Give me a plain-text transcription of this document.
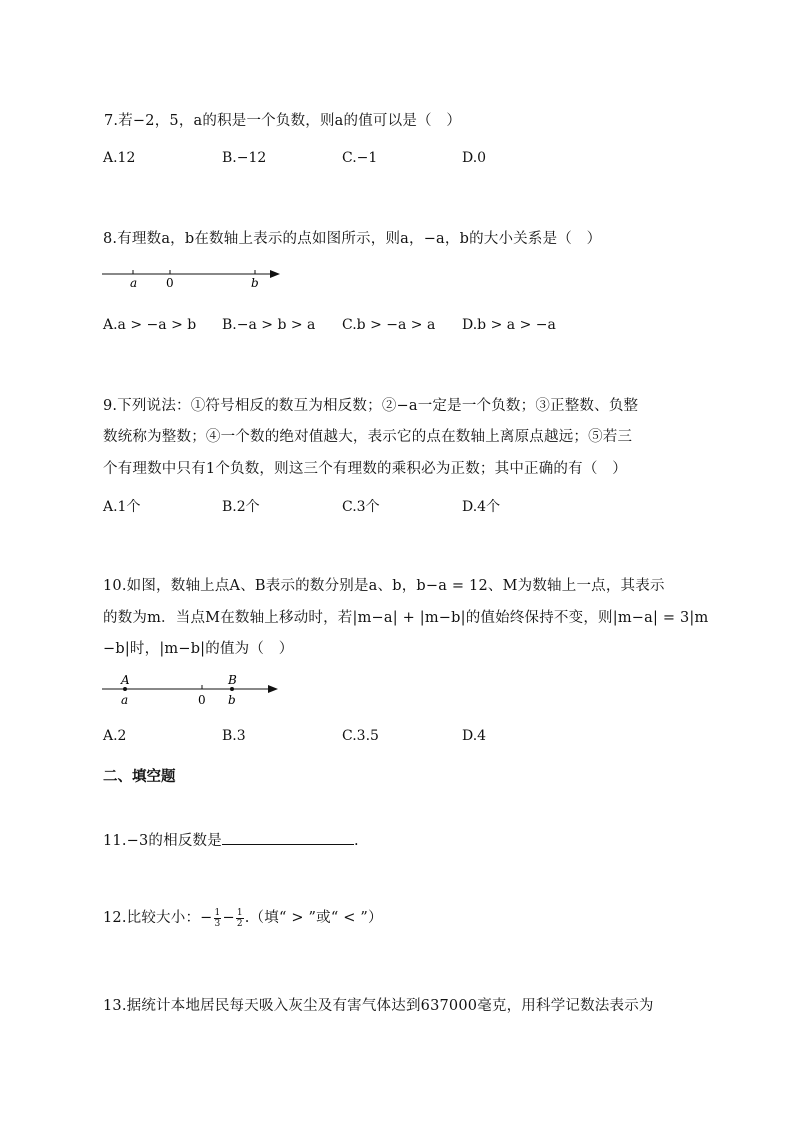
7.若−2，5，a的积是一个负数，则a的值可以是（　）
A.12	B.−12	C.−1	D.0
8.有理数a，b在数轴上表示的点如图所示，则a，−a，b的大小关系是（　）
a 0	b
A.a > −a > b B.−a > b > a C.b > −a > a D.b > a > −a
9.下列说法：①符号相反的数互为相反数；②−a一定是一个负数；③正整数、负整
数统称为整数；④一个数的绝对值越大，表示它的点在数轴上离原点越远；⑤若三
个有理数中只有1个负数，则这三个有理数的乘积必为正数；其中正确的有（　）
A.1个	B.2个	C.3个	D.4个
10.如图，数轴上点A、B表示的数分别是a、b，b−a = 12、M为数轴上一点，其表示
的数为m．当点M在数轴上移动时，若|m−a| + |m−b|的值始终保持不变，则|m−a| = 3|m
−b|时，|m−b|的值为（　）
A	B
a	0 b
A.2	B.3	C.3.5	D.4
二、填空题
11.−3的相反数是	.
12.比较大小：− $\frac{1}{3} - \frac{1}{2}$ .（填“ > ”或“ < ”）
13.据统计本地居民每天吸入灰尘及有害气体达到637000毫克，用科学记数法表示为
